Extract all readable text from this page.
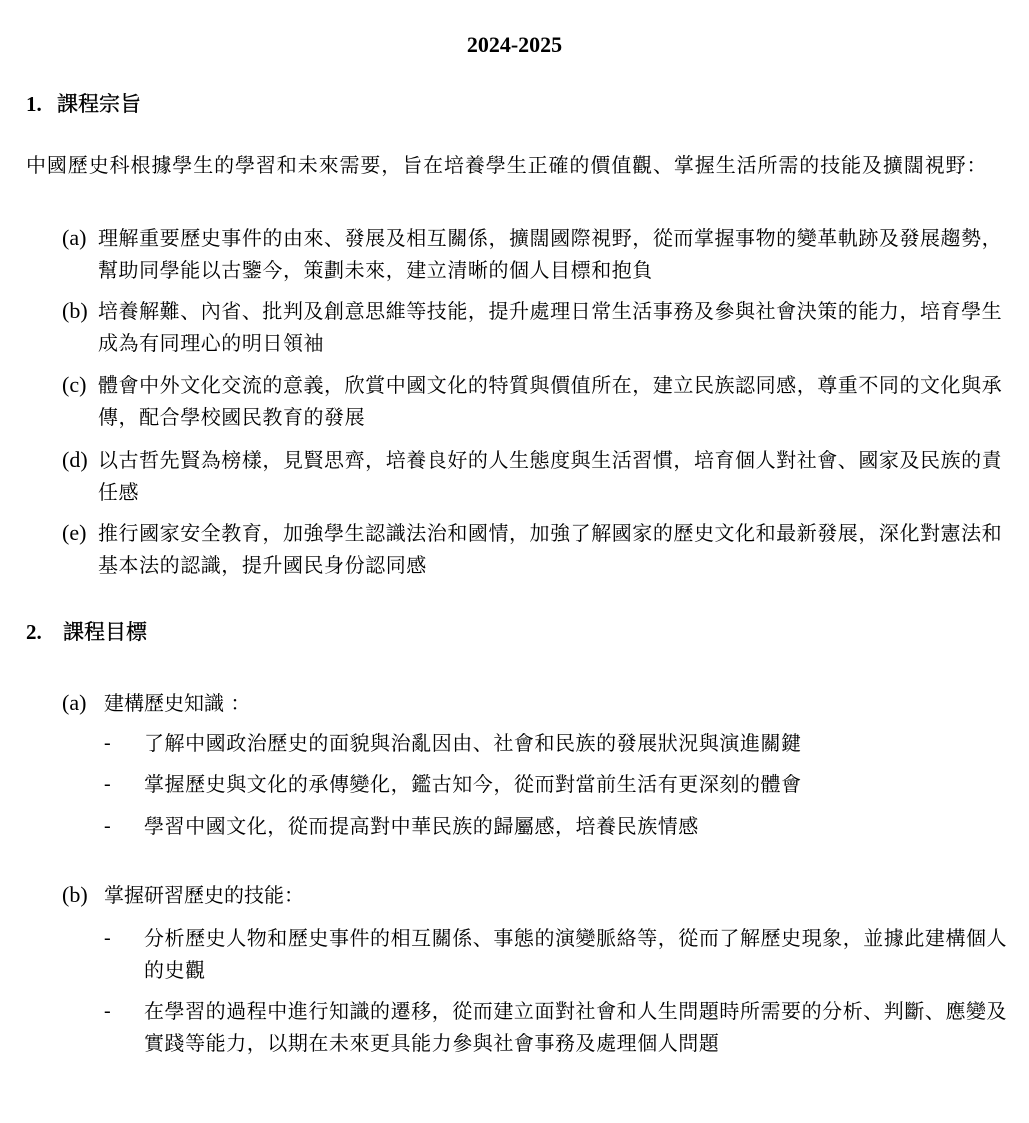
2024-2025
1. 課程宗旨
中國歷史科根據學生的學習和未來需要，旨在培養學生正確的價值觀、掌握生活所需的技能及擴闊視野：
(a) 理解重要歷史事件的由來、發展及相互關係，擴闊國際視野，從而掌握事物的變革軌跡及發展趨勢，幫助同學能以古鑒今，策劃未來，建立清晰的個人目標和抱負
(b) 培養解難、內省、批判及創意思維等技能，提升處理日常生活事務及參與社會決策的能力，培育學生成為有同理心的明日領袖
(c) 體會中外文化交流的意義，欣賞中國文化的特質與價值所在，建立民族認同感，尊重不同的文化與承傳，配合學校國民教育的發展
(d) 以古哲先賢為榜樣，見賢思齊，培養良好的人生態度與生活習慣，培育個人對社會、國家及民族的責任感
(e) 推行國家安全教育，加強學生認識法治和國情，加強了解國家的歷史文化和最新發展，深化對憲法和基本法的認識，提升國民身份認同感
2. 課程目標
(a) 建構歷史知識 ：
- 了解中國政治歷史的面貌與治亂因由、社會和民族的發展狀況與演進關鍵
- 掌握歷史與文化的承傳變化，鑑古知今，從而對當前生活有更深刻的體會
- 學習中國文化，從而提高對中華民族的歸屬感，培養民族情感
(b) 掌握研習歷史的技能：
- 分析歷史人物和歷史事件的相互關係、事態的演變脈絡等，從而了解歷史現象，並據此建構個人的史觀
- 在學習的過程中進行知識的遷移，從而建立面對社會和人生問題時所需要的分析、判斷、應變及實踐等能力，以期在未來更具能力參與社會事務及處理個人問題
